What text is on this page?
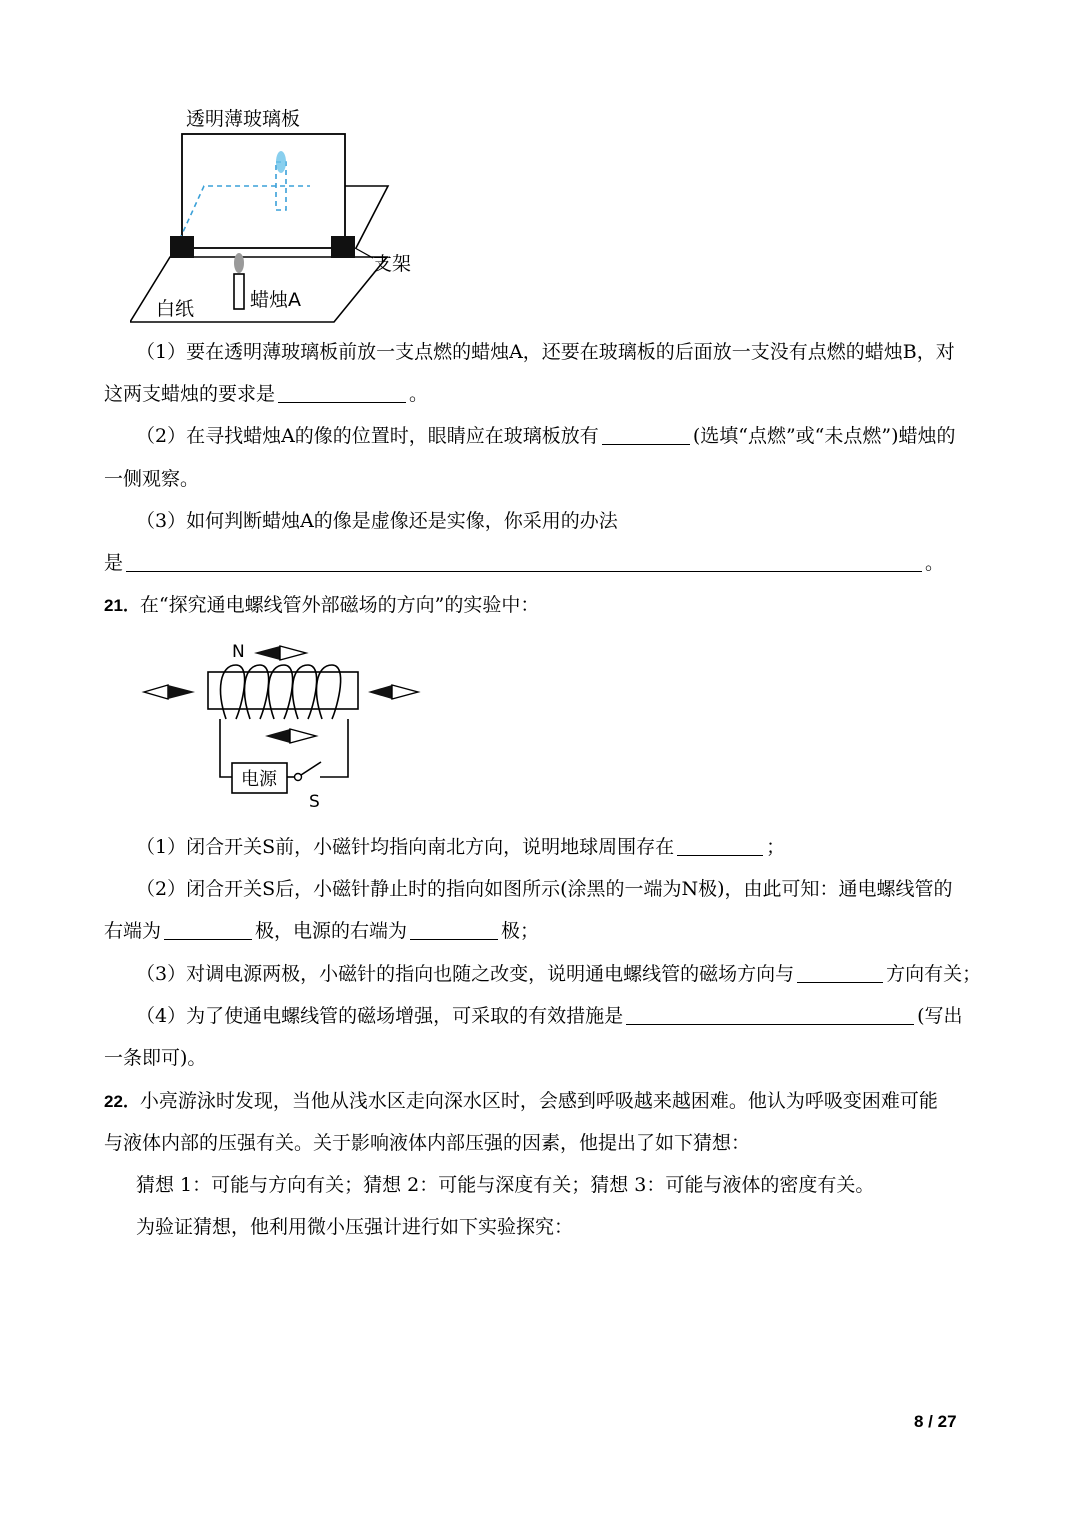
透明薄玻璃板
支架
蜡烛A
白纸
（1）要在透明薄玻璃板前放一支点燃的蜡烛A，还要在玻璃板的后面放一支没有点燃的蜡烛B，对
这两支蜡烛的要求是	。
（2）在寻找蜡烛A的像的位置时，眼睛应在玻璃板放有	(选填“点燃”或“未点燃”)蜡烛的
一侧观察。
（3）如何判断蜡烛A的像是虚像还是实像，你采用的办法
是	。
21．在“探究通电螺线管外部磁场的方向”的实验中：
N
电源
S
（1）闭合开关S前，小磁针均指向南北方向，说明地球周围存在	；
（2）闭合开关S后，小磁针静止时的指向如图所示(涂黑的一端为N极)，由此可知：通电螺线管的
右端为	极，电源的右端为	极；
（3）对调电源两极，小磁针的指向也随之改变，说明通电螺线管的磁场方向与	方向有关；
（4）为了使通电螺线管的磁场增强，可采取的有效措施是	(写出
一条即可)。
22．小亮游泳时发现，当他从浅水区走向深水区时，会感到呼吸越来越困难。他认为呼吸变困难可能
与液体内部的压强有关。关于影响液体内部压强的因素，他提出了如下猜想：
猜想 1：可能与方向有关；猜想 2：可能与深度有关；猜想 3：可能与液体的密度有关。
为验证猜想，他利用微小压强计进行如下实验探究：
8 / 27
